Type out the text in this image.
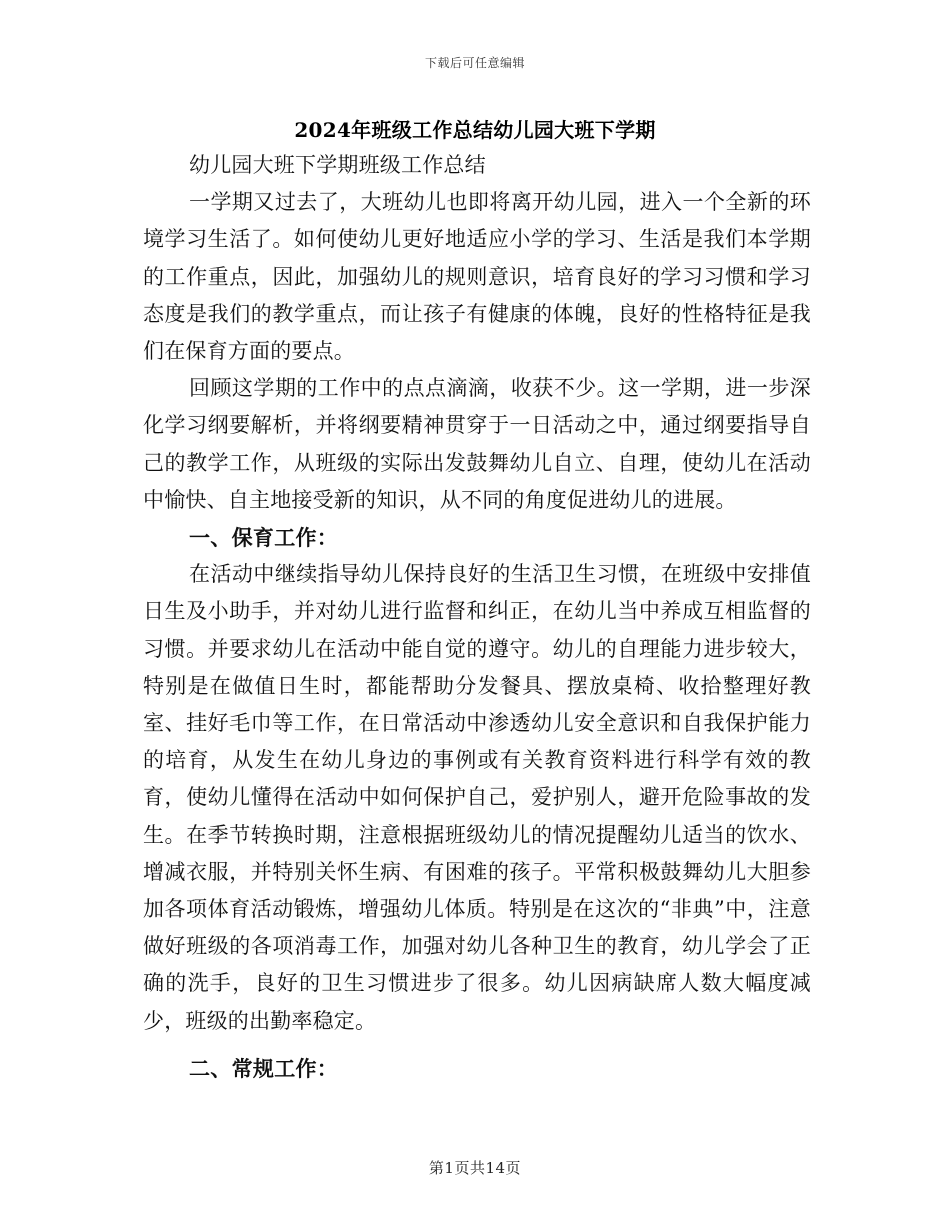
下载后可任意编辑
2024年班级工作总结幼儿园大班下学期

幼儿园大班下学期班级工作总结

一学期又过去了，大班幼儿也即将离开幼儿园，进入一个全新的环境学习生活了。如何使幼儿更好地适应小学的学习、生活是我们本学期的工作重点，因此，加强幼儿的规则意识，培育良好的学习习惯和学习态度是我们的教学重点，而让孩子有健康的体魄，良好的性格特征是我们在保育方面的要点。

回顾这学期的工作中的点点滴滴，收获不少。这一学期，进一步深化学习纲要解析，并将纲要精神贯穿于一日活动之中，通过纲要指导自己的教学工作，从班级的实际出发鼓舞幼儿自立、自理，使幼儿在活动中愉快、自主地接受新的知识，从不同的角度促进幼儿的进展。

一、保育工作：

在活动中继续指导幼儿保持良好的生活卫生习惯，在班级中安排值日生及小助手，并对幼儿进行监督和纠正，在幼儿当中养成互相监督的习惯。并要求幼儿在活动中能自觉的遵守。幼儿的自理能力进步较大，特别是在做值日生时，都能帮助分发餐具、摆放桌椅、收拾整理好教室、挂好毛巾等工作，在日常活动中渗透幼儿安全意识和自我保护能力的培育，从发生在幼儿身边的事例或有关教育资料进行科学有效的教育，使幼儿懂得在活动中如何保护自己，爱护别人，避开危险事故的发生。在季节转换时期，注意根据班级幼儿的情况提醒幼儿适当的饮水、增减衣服，并特别关怀生病、有困难的孩子。平常积极鼓舞幼儿大胆参加各项体育活动锻炼，增强幼儿体质。特别是在这次的“非典”中，注意做好班级的各项消毒工作，加强对幼儿各种卫生的教育，幼儿学会了正确的洗手，良好的卫生习惯进步了很多。幼儿因病缺席人数大幅度减少，班级的出勤率稳定。

二、常规工作：

第1页共14页
